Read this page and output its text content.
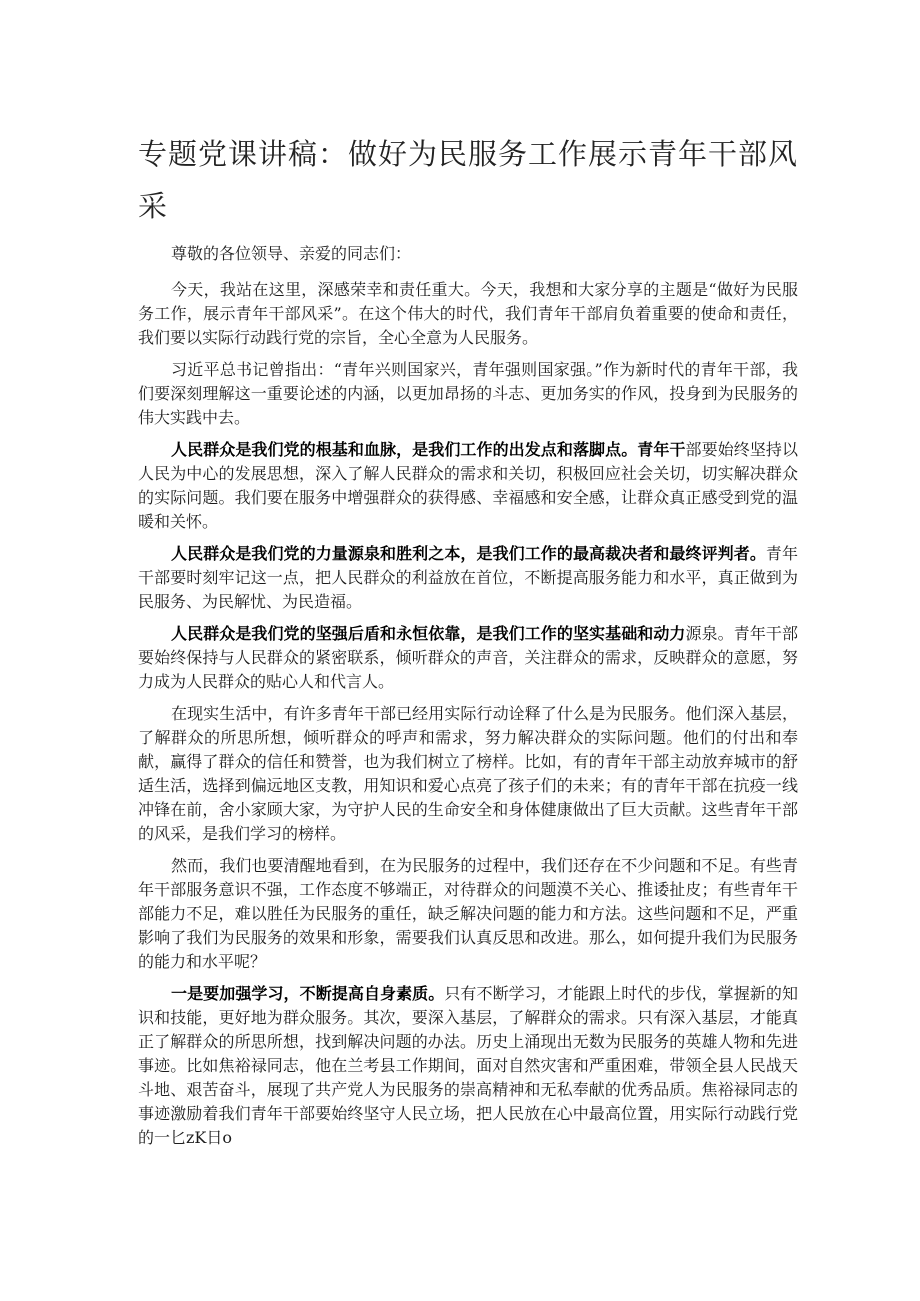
专题党课讲稿：做好为民服务工作展示青年干部风采

尊敬的各位领导、亲爱的同志们：

今天，我站在这里，深感荣幸和责任重大。今天，我想和大家分享的主题是“做好为民服务工作，展示青年干部风采”。在这个伟大的时代，我们青年干部肩负着重要的使命和责任，我们要以实际行动践行党的宗旨，全心全意为人民服务。

习近平总书记曾指出：“青年兴则国家兴，青年强则国家强。”作为新时代的青年干部，我们要深刻理解这一重要论述的内涵，以更加昂扬的斗志、更加务实的作风，投身到为民服务的伟大实践中去。

人民群众是我们党的根基和血脉，是我们工作的出发点和落脚点。青年干部要始终坚持以人民为中心的发展思想，深入了解人民群众的需求和关切，积极回应社会关切，切实解决群众的实际问题。我们要在服务中增强群众的获得感、幸福感和安全感，让群众真正感受到党的温暖和关怀。

人民群众是我们党的力量源泉和胜利之本，是我们工作的最高裁决者和最终评判者。青年干部要时刻牢记这一点，把人民群众的利益放在首位，不断提高服务能力和水平，真正做到为民服务、为民解忧、为民造福。

人民群众是我们党的坚强后盾和永恒依靠，是我们工作的坚实基础和动力源泉。青年干部要始终保持与人民群众的紧密联系，倾听群众的声音，关注群众的需求，反映群众的意愿，努力成为人民群众的贴心人和代言人。

在现实生活中，有许多青年干部已经用实际行动诠释了什么是为民服务。他们深入基层，了解群众的所思所想，倾听群众的呼声和需求，努力解决群众的实际问题。他们的付出和奉献，赢得了群众的信任和赞誉，也为我们树立了榜样。比如，有的青年干部主动放弃城市的舒适生活，选择到偏远地区支教，用知识和爱心点亮了孩子们的未来；有的青年干部在抗疫一线冲锋在前，舍小家顾大家，为守护人民的生命安全和身体健康做出了巨大贡献。这些青年干部的风采，是我们学习的榜样。

然而，我们也要清醒地看到，在为民服务的过程中，我们还存在不少问题和不足。有些青年干部服务意识不强，工作态度不够端正，对待群众的问题漠不关心、推诿扯皮；有些青年干部能力不足，难以胜任为民服务的重任，缺乏解决问题的能力和方法。这些问题和不足，严重影响了我们为民服务的效果和形象，需要我们认真反思和改进。那么，如何提升我们为民服务的能力和水平呢？

一是要加强学习，不断提高自身素质。只有不断学习，才能跟上时代的步伐，掌握新的知识和技能，更好地为群众服务。其次，要深入基层，了解群众的需求。只有深入基层，才能真正了解群众的所思所想，找到解决问题的办法。历史上涌现出无数为民服务的英雄人物和先进事迹。比如焦裕禄同志，他在兰考县工作期间，面对自然灾害和严重困难，带领全县人民战天斗地、艰苦奋斗，展现了共产党人为民服务的崇高精神和无私奉献的优秀品质。焦裕禄同志的事迹激励着我们青年干部要始终坚守人民立场，把人民放在心中最高位置，用实际行动践行党的一匕zK日o
